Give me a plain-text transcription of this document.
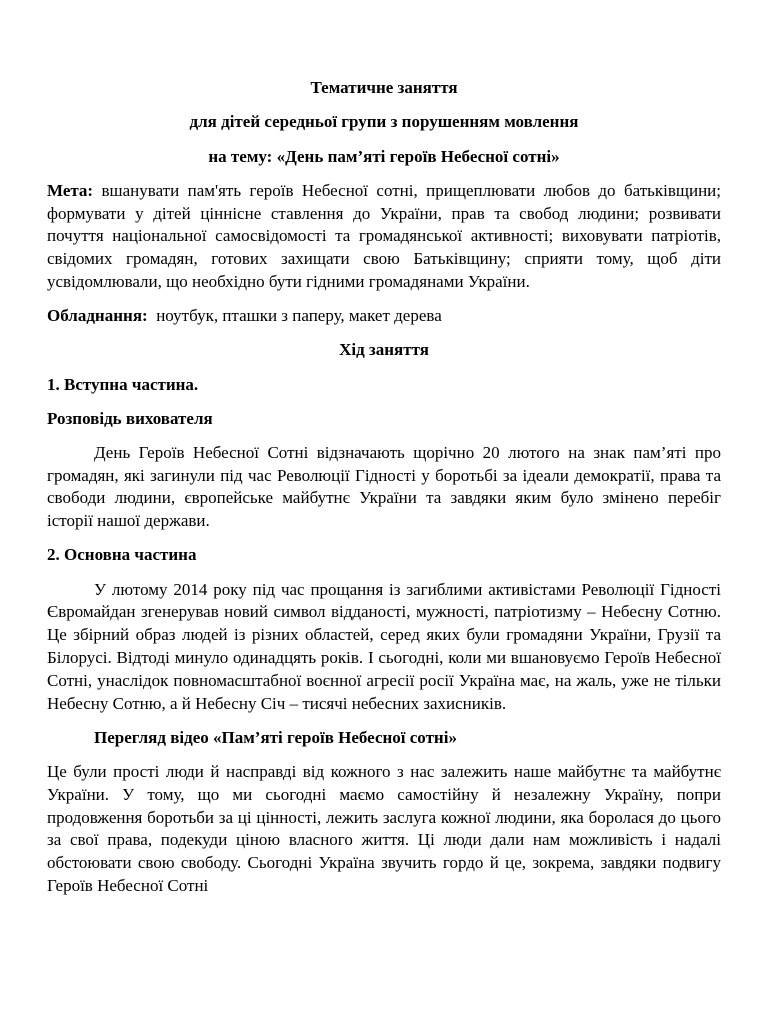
Тематичне заняття
для дітей середньої групи з порушенням мовлення
на тему: «День пам’яті героїв Небесної сотні»

Мета: вшанувати пам'ять героїв Небесної сотні, прищеплювати любов до батьківщини; формувати у дітей ціннісне ставлення до України, прав та свобод людини; розвивати почуття національної самосвідомості та громадянської активності; виховувати патріотів, свідомих громадян, готових захищати свою Батьківщину; сприяти тому, щоб діти усвідомлювали, що необхідно бути гідними громадянами України.

Обладнання:  ноутбук, пташки з паперу, макет дерева

Хід заняття
1. Вступна частина.
Розповідь вихователя

День Героїв Небесної Сотні відзначають щорічно 20 лютого на знак пам’яті про громадян, які загинули під час Революції Гідності у боротьбі за ідеали демократії, права та свободи людини, європейське майбутнє України та завдяки яким було змінено перебіг історії нашої держави.

2. Основна частина

У лютому 2014 року під час прощання із загиблими активістами Революції Гідності Євромайдан згенерував новий символ відданості, мужності, патріотизму – Небесну Сотню. Це збірний образ людей із різних областей, серед яких були громадяни України, Грузії та Білорусі. Відтоді минуло одинадцять років. І сьогодні, коли ми вшановуємо Героїв Небесної Сотні, унаслідок повномасштабної воєнної агресії росії Україна має, на жаль, уже не тільки Небесну Сотню, а й Небесну Січ – тисячі небесних захисників.

Перегляд відео «Пам’яті героїв Небесної сотні»

Це були прості люди й насправді від кожного з нас залежить наше майбутнє та майбутнє України. У тому, що ми сьогодні маємо самостійну й незалежну Україну, попри продовження боротьби за ці цінності, лежить заслуга кожної людини, яка боролася до цього за свої права, подекуди ціною власного життя. Ці люди дали нам можливість і надалі обстоювати свою свободу. Сьогодні Україна звучить гордо й це, зокрема, завдяки подвигу Героїв Небесної Сотні
